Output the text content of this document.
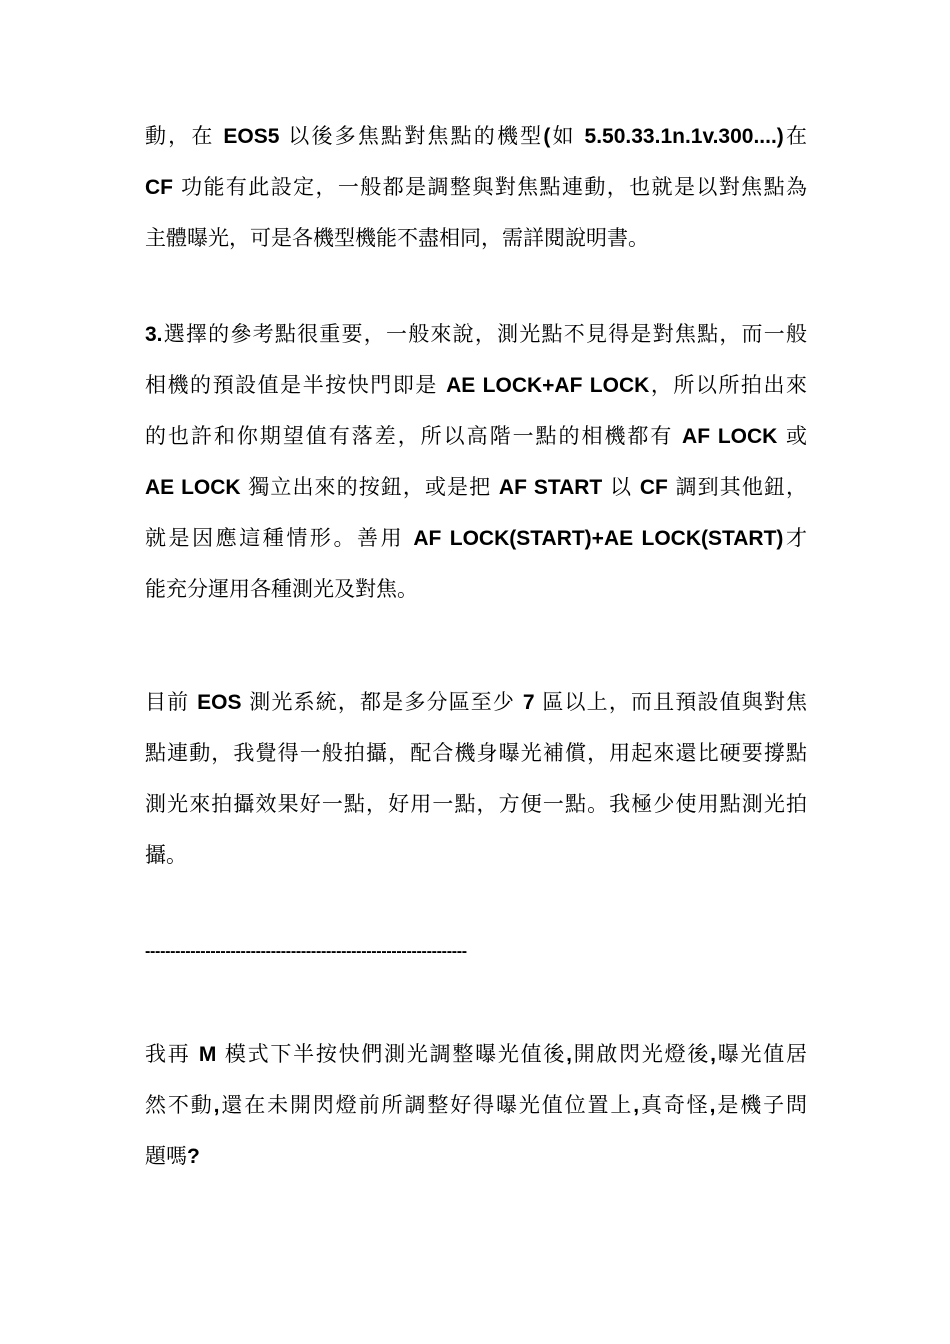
動，在 EOS5 以後多焦點對焦點的機型(如 5.50.33.1n.1v.300....)在
CF 功能有此設定，一般都是調整與對焦點連動，也就是以對焦點為
主體曝光，可是各機型機能不盡相同，需詳閱說明書。
3.選擇的參考點很重要，一般來說，測光點不見得是對焦點，而一般
相機的預設值是半按快門即是 AE LOCK+AF LOCK，所以所拍出來
的也許和你期望值有落差，所以高階一點的相機都有 AF LOCK 或
AE LOCK 獨立出來的按鈕，或是把 AF START 以 CF 調到其他鈕，
就是因應這種情形。善用 AF LOCK(START)+AE LOCK(START)才
能充分運用各種測光及對焦。
目前 EOS 測光系統，都是多分區至少 7 區以上，而且預設值與對焦
點連動，我覺得一般拍攝，配合機身曝光補償，用起來還比硬要撐點
測光來拍攝效果好一點，好用一點，方便一點。我極少使用點測光拍
攝。
----------------------------------------------------------------
我再 M 模式下半按快們測光調整曝光值後,開啟閃光燈後,曝光值居
然不動,還在未開閃燈前所調整好得曝光值位置上,真奇怪,是機子問
題嗎?
